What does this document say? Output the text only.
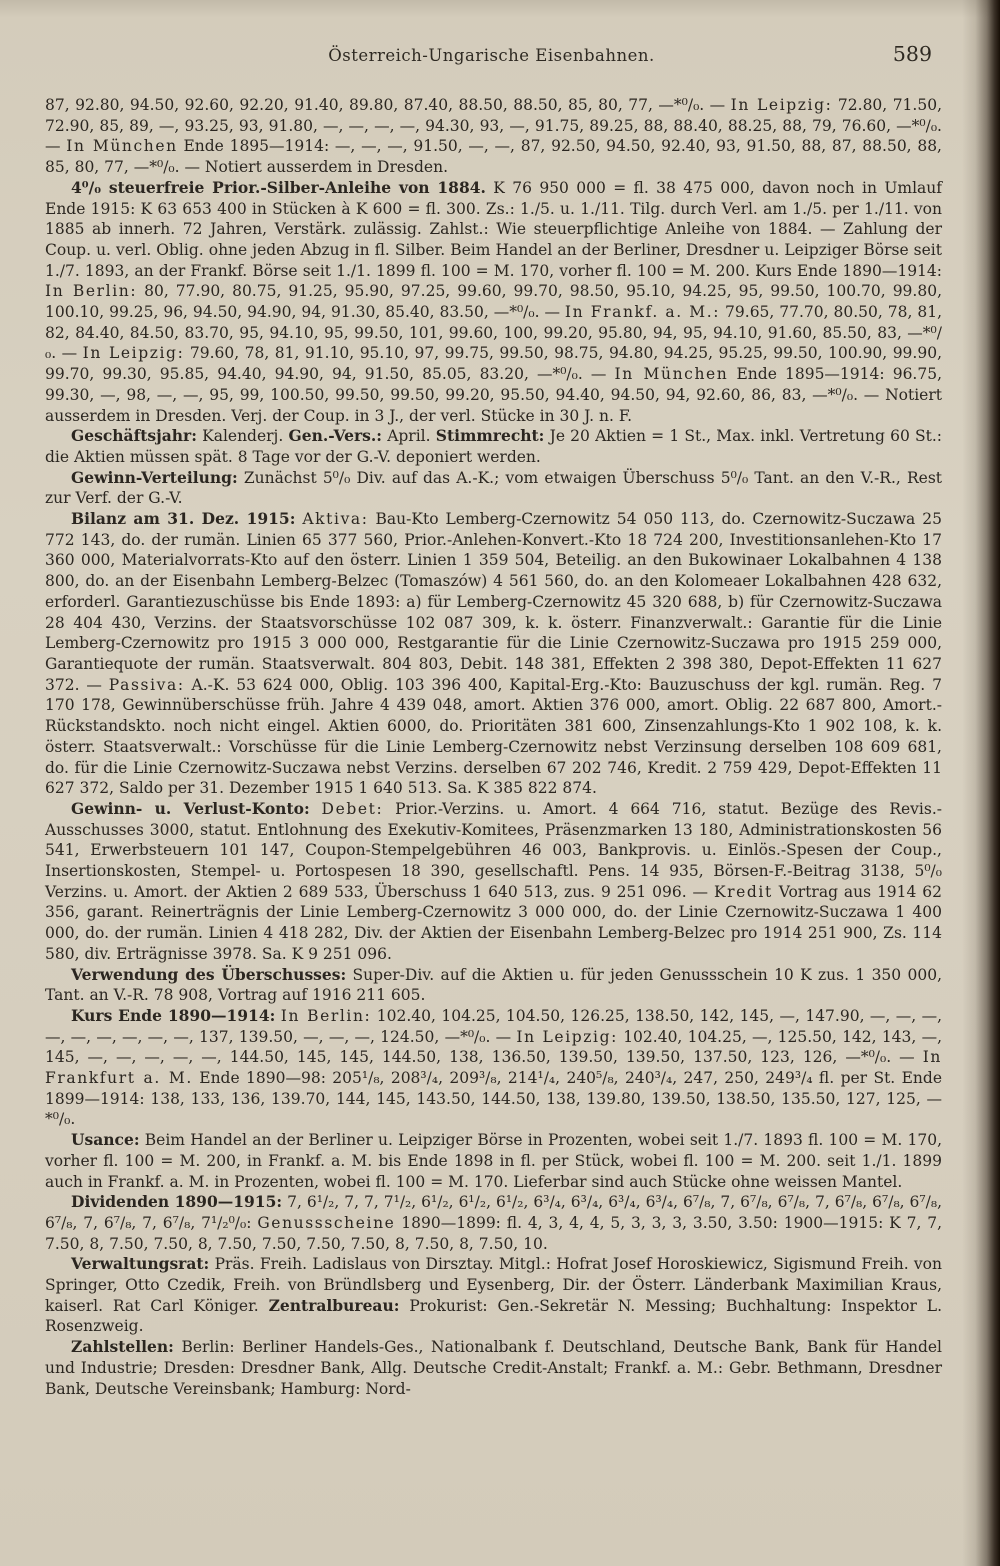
Österreich-Ungarische Eisenbahnen.	589

87, 92.80, 94.50, 92.60, 92.20, 91.40, 89.80, 87.40, 88.50, 88.50, 85, 80, 77, —*⁰/₀. — In Leipzig: 72.80, 71.50, 72.90, 85, 89, —, 93.25, 93, 91.80, —, —, —, —, 94.30, 93, —, 91.75, 89.25, 88, 88.40, 88.25, 88, 79, 76.60, —*⁰/₀. — In München Ende 1895—1914: —, —, —, 91.50, —, —, 87, 92.50, 94.50, 92.40, 93, 91.50, 88, 87, 88.50, 88, 85, 80, 77, —*⁰/₀. — Notiert ausserdem in Dresden.

4⁰/₀ steuerfreie Prior.-Silber-Anleihe von 1884. K 76 950 000 = fl. 38 475 000, davon noch in Umlauf Ende 1915: K 63 653 400 in Stücken à K 600 = fl. 300. Zs.: 1./5. u. 1./11. Tilg. durch Verl. am 1./5. per 1./11. von 1885 ab innerh. 72 Jahren, Verstärk. zulässig. Zahlst.: Wie steuerpflichtige Anleihe von 1884. — Zahlung der Coup. u. verl. Oblig. ohne jeden Abzug in fl. Silber. Beim Handel an der Berliner, Dresdner u. Leipziger Börse seit 1./7. 1893, an der Frankf. Börse seit 1./1. 1899 fl. 100 = M. 170, vorher fl. 100 = M. 200. Kurs Ende 1890—1914: In Berlin: 80, 77.90, 80.75, 91.25, 95.90, 97.25, 99.60, 99.70, 98.50, 95.10, 94.25, 95, 99.50, 100.70, 99.80, 100.10, 99.25, 96, 94.50, 94.90, 94, 91.30, 85.40, 83.50, —*⁰/₀. — In Frankf. a. M.: 79.65, 77.70, 80.50, 78, 81, 82, 84.40, 84.50, 83.70, 95, 94.10, 95, 99.50, 101, 99.60, 100, 99.20, 95.80, 94, 95, 94.10, 91.60, 85.50, 83, —*⁰/₀. — In Leipzig: 79.60, 78, 81, 91.10, 95.10, 97, 99.75, 99.50, 98.75, 94.80, 94.25, 95.25, 99.50, 100.90, 99.90, 99.70, 99.30, 95.85, 94.40, 94.90, 94, 91.50, 85.05, 83.20, —*⁰/₀. — In München Ende 1895—1914: 96.75, 99.30, —, 98, —, —, 95, 99, 100.50, 99.50, 99.50, 99.20, 95.50, 94.40, 94.50, 94, 92.60, 86, 83, —*⁰/₀. — Notiert ausserdem in Dresden. Verj. der Coup. in 3 J., der verl. Stücke in 30 J. n. F.

Geschäftsjahr: Kalenderj. Gen.-Vers.: April. Stimmrecht: Je 20 Aktien = 1 St., Max. inkl. Vertretung 60 St.: die Aktien müssen spät. 8 Tage vor der G.-V. deponiert werden.

Gewinn-Verteilung: Zunächst 5⁰/₀ Div. auf das A.-K.; vom etwaigen Überschuss 5⁰/₀ Tant. an den V.-R., Rest zur Verf. der G.-V.

Bilanz am 31. Dez. 1915: Aktiva: Bau-Kto Lemberg-Czernowitz 54 050 113, do. Czernowitz-Suczawa 25 772 143, do. der rumän. Linien 65 377 560, Prior.-Anlehen-Konvert.-Kto 18 724 200, Investitionsanlehen-Kto 17 360 000, Materialvorrats-Kto auf den österr. Linien 1 359 504, Beteilig. an den Bukowinaer Lokalbahnen 4 138 800, do. an der Eisenbahn Lemberg-Belzec (Tomaszów) 4 561 560, do. an den Kolomeaer Lokalbahnen 428 632, erforderl. Garantiezuschüsse bis Ende 1893: a) für Lemberg-Czernowitz 45 320 688, b) für Czernowitz-Suczawa 28 404 430, Verzins. der Staatsvorschüsse 102 087 309, k. k. österr. Finanzverwalt.: Garantie für die Linie Lemberg-Czernowitz pro 1915 3 000 000, Restgarantie für die Linie Czernowitz-Suczawa pro 1915 259 000, Garantiequote der rumän. Staatsverwalt. 804 803, Debit. 148 381, Effekten 2 398 380, Depot-Effekten 11 627 372. — Passiva: A.-K. 53 624 000, Oblig. 103 396 400, Kapital-Erg.-Kto: Bauzuschuss der kgl. rumän. Reg. 7 170 178, Gewinnüberschüsse früh. Jahre 4 439 048, amort. Aktien 376 000, amort. Oblig. 22 687 800, Amort.-Rückstandskto. noch nicht eingel. Aktien 6000, do. Prioritäten 381 600, Zinsenzahlungs-Kto 1 902 108, k. k. österr. Staatsverwalt.: Vorschüsse für die Linie Lemberg-Czernowitz nebst Verzinsung derselben 108 609 681, do. für die Linie Czernowitz-Suczawa nebst Verzins. derselben 67 202 746, Kredit. 2 759 429, Depot-Effekten 11 627 372, Saldo per 31. Dezember 1915 1 640 513. Sa. K 385 822 874.

Gewinn- u. Verlust-Konto: Debet: Prior.-Verzins. u. Amort. 4 664 716, statut. Bezüge des Revis.-Ausschusses 3000, statut. Entlohnung des Exekutiv-Komitees, Präsenzmarken 13 180, Administrationskosten 56 541, Erwerbsteuern 101 147, Coupon-Stempelgebühren 46 003, Bankprovis. u. Einlös.-Spesen der Coup., Insertionskosten, Stempel- u. Portospesen 18 390, gesellschaftl. Pens. 14 935, Börsen-F.-Beitrag 3138, 5⁰/₀ Verzins. u. Amort. der Aktien 2 689 533, Überschuss 1 640 513, zus. 9 251 096. — Kredit Vortrag aus 1914 62 356, garant. Reinerträgnis der Linie Lemberg-Czernowitz 3 000 000, do. der Linie Czernowitz-Suczawa 1 400 000, do. der rumän. Linien 4 418 282, Div. der Aktien der Eisenbahn Lemberg-Belzec pro 1914 251 900, Zs. 114 580, div. Erträgnisse 3978. Sa. K 9 251 096.

Verwendung des Überschusses: Super-Div. auf die Aktien u. für jeden Genussschein 10 K zus. 1 350 000, Tant. an V.-R. 78 908, Vortrag auf 1916 211 605.

Kurs Ende 1890—1914: In Berlin: 102.40, 104.25, 104.50, 126.25, 138.50, 142, 145, —, 147.90, —, —, —, —, —, —, —, —, —, 137, 139.50, —, —, —, 124.50, —*⁰/₀. — In Leipzig: 102.40, 104.25, —, 125.50, 142, 143, —, 145, —, —, —, —, —, 144.50, 145, 145, 144.50, 138, 136.50, 139.50, 139.50, 137.50, 123, 126, —*⁰/₀. — In Frankfurt a. M. Ende 1890—98: 205¹/₈, 208³/₄, 209³/₈, 214¹/₄, 240⁵/₈, 240³/₄, 247, 250, 249³/₄ fl. per St. Ende 1899—1914: 138, 133, 136, 139.70, 144, 145, 143.50, 144.50, 138, 139.80, 139.50, 138.50, 135.50, 127, 125, —*⁰/₀.

Usance: Beim Handel an der Berliner u. Leipziger Börse in Prozenten, wobei seit 1./7. 1893 fl. 100 = M. 170, vorher fl. 100 = M. 200, in Frankf. a. M. bis Ende 1898 in fl. per Stück, wobei fl. 100 = M. 200. seit 1./1. 1899 auch in Frankf. a. M. in Prozenten, wobei fl. 100 = M. 170. Lieferbar sind auch Stücke ohne weissen Mantel.

Dividenden 1890—1915: 7, 6¹/₂, 7, 7, 7¹/₂, 6¹/₂, 6¹/₂, 6¹/₂, 6³/₄, 6³/₄, 6³/₄, 6³/₄, 6⁷/₈, 7, 6⁷/₈, 6⁷/₈, 7, 6⁷/₈, 6⁷/₈, 6⁷/₈, 6⁷/₈, 7, 6⁷/₈, 7, 6⁷/₈, 7¹/₂⁰/₀: Genussscheine 1890—1899: fl. 4, 3, 4, 4, 5, 3, 3, 3, 3.50, 3.50: 1900—1915: K 7, 7, 7.50, 8, 7.50, 7.50, 8, 7.50, 7.50, 7.50, 7.50, 8, 7.50, 8, 7.50, 10.

Verwaltungsrat: Präs. Freih. Ladislaus von Dirsztay. Mitgl.: Hofrat Josef Horoskiewicz, Sigismund Freih. von Springer, Otto Czedik, Freih. von Bründlsberg und Eysenberg, Dir. der Österr. Länderbank Maximilian Kraus, kaiserl. Rat Carl Königer. Zentralbureau: Prokurist: Gen.-Sekretär N. Messing; Buchhaltung: Inspektor L. Rosenzweig.

Zahlstellen: Berlin: Berliner Handels-Ges., Nationalbank f. Deutschland, Deutsche Bank, Bank für Handel und Industrie; Dresden: Dresdner Bank, Allg. Deutsche Credit-Anstalt; Frankf. a. M.: Gebr. Bethmann, Dresdner Bank, Deutsche Vereinsbank; Hamburg: Nord-
